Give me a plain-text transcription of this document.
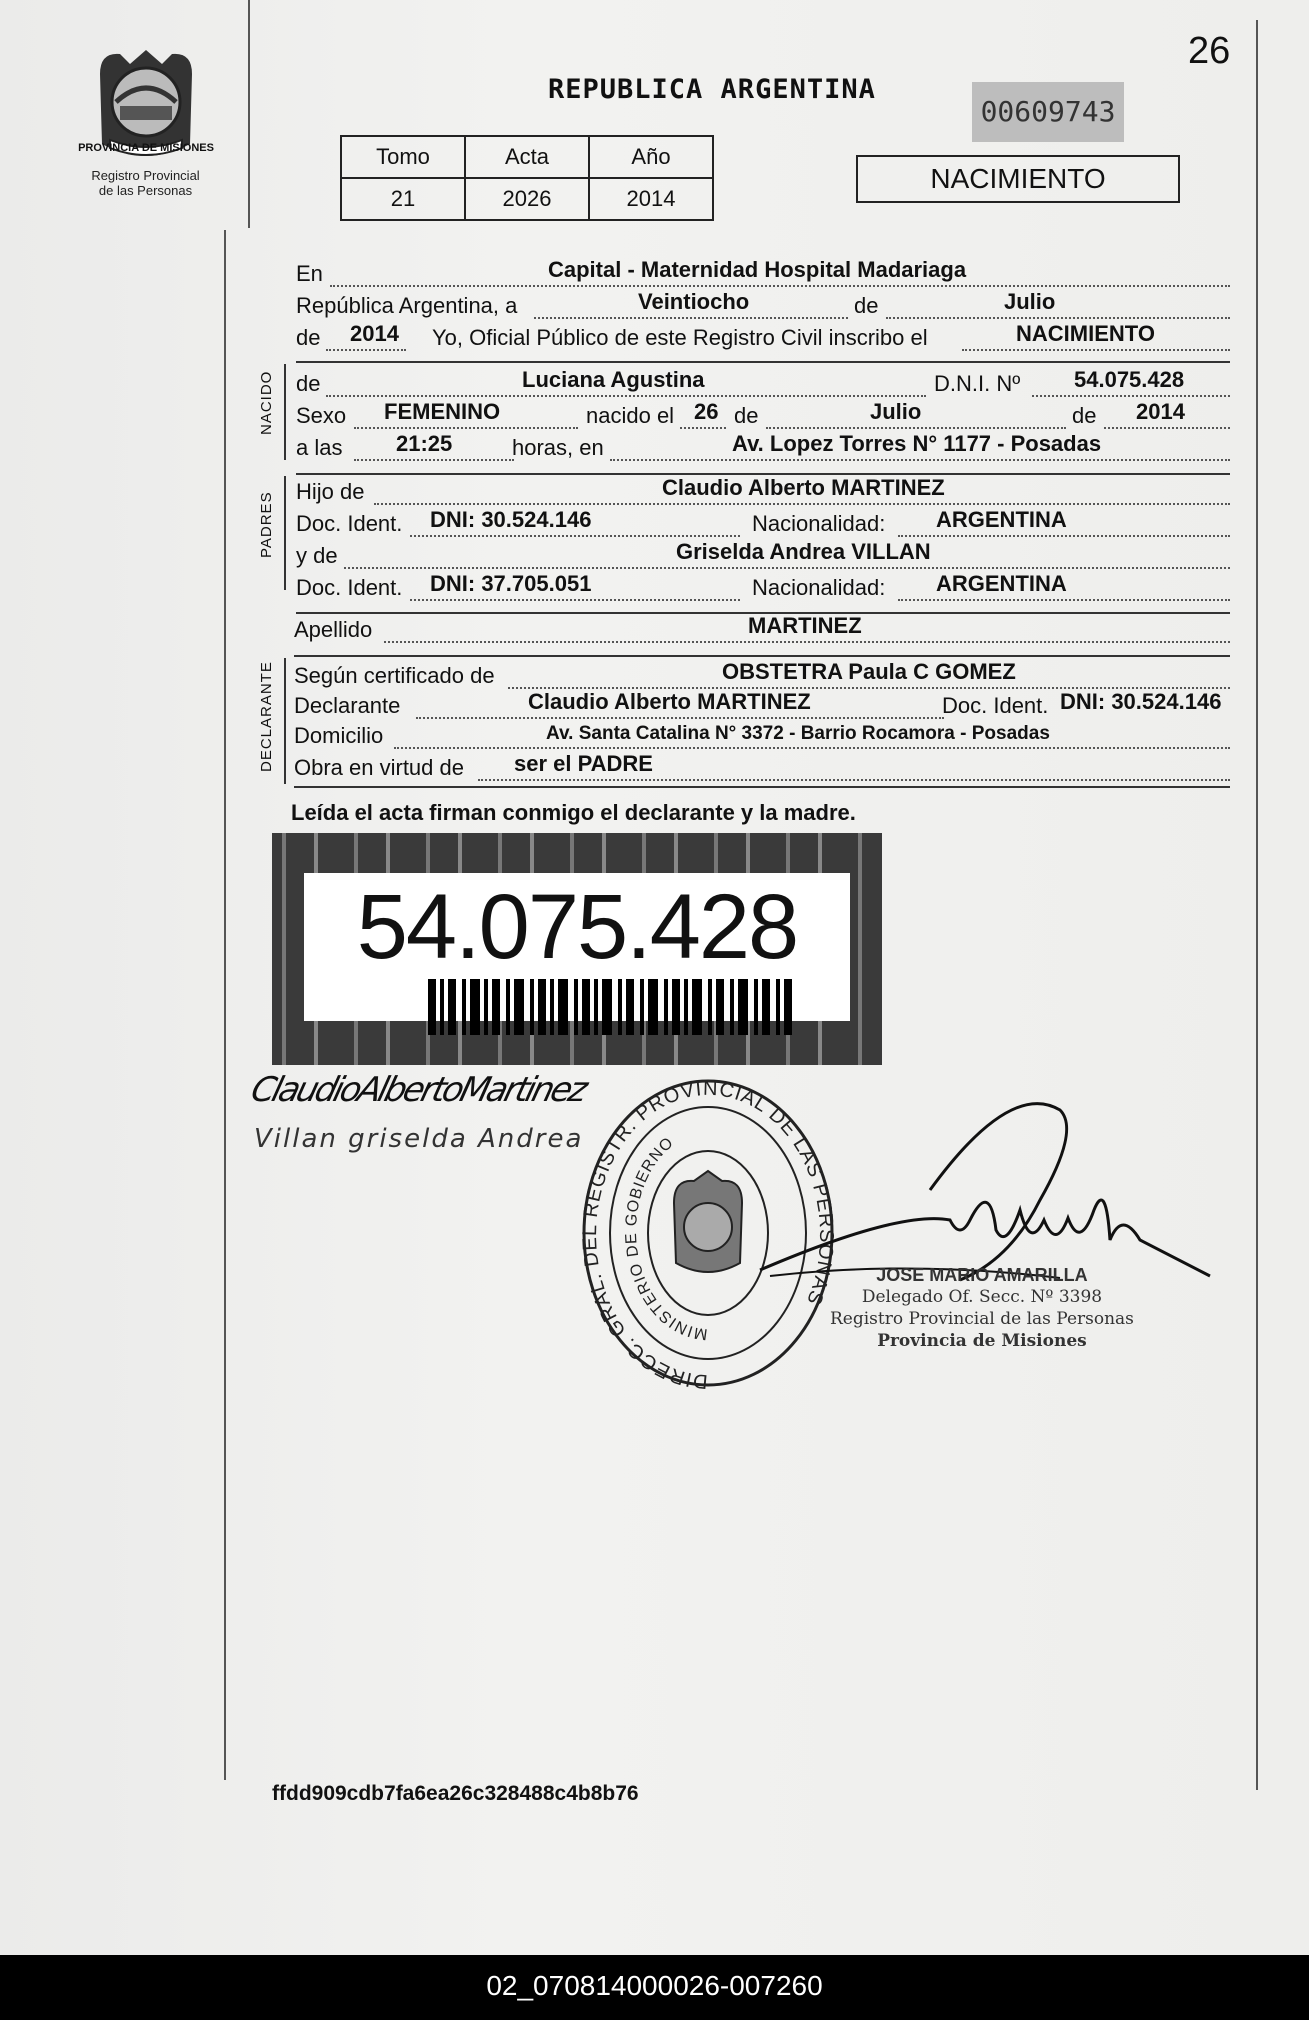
PROVINCIA DE MISIONES
Registro Provincial
de las Personas
26
REPUBLICA ARGENTINA
00609743
Tomo	Acta	Año
21	2026	2014
NACIMIENTO
En	Capital - Maternidad Hospital Madariaga
República Argentina, a	Veintiocho	de	Julio
de 2014 Yo, Oficial Público de este Registro Civil inscribo el	NACIMIENTO
NACIDO de	Luciana Agustina	D.N.I. Nº 54.075.428
Sexo FEMENINO	nacido el 26 de	Julio	de 2014
a las 21:25	horas, en	Av. Lopez Torres N° 1177 - Posadas
PADRES Hijo de	Claudio Alberto MARTINEZ
Doc. Ident. DNI: 30.524.146	Nacionalidad: ARGENTINA
y de	Griselda Andrea VILLAN
Doc. Ident. DNI: 37.705.051	Nacionalidad: ARGENTINA
Apellido	MARTINEZ
DECLARANTE Según certificado de	OBSTETRA Paula C GOMEZ
Declarante	Claudio Alberto MARTINEZ	Doc. Ident. DNI: 30.524.146
Domicilio	Av. Santa Catalina N° 3372 - Barrio Rocamora - Posadas
Obra en virtud de ser el PADRE
Leída el acta firman conmigo el declarante y la madre.
54.075.428
ClaudioAlbertoMartinez
Villan griselda Andrea
DIRECC. GRAL. DEL REGISTR. PROVINCIAL DE LAS PERSONAS
MINISTERIO DE GOBIERNO
JOSE MARIO AMARILLA
Delegado Of. Secc. Nº 3398
Registro Provincial de las Personas
Provincia de Misiones
ffdd909cdb7fa6ea26c328488c4b8b76
02_070814000026-007260
